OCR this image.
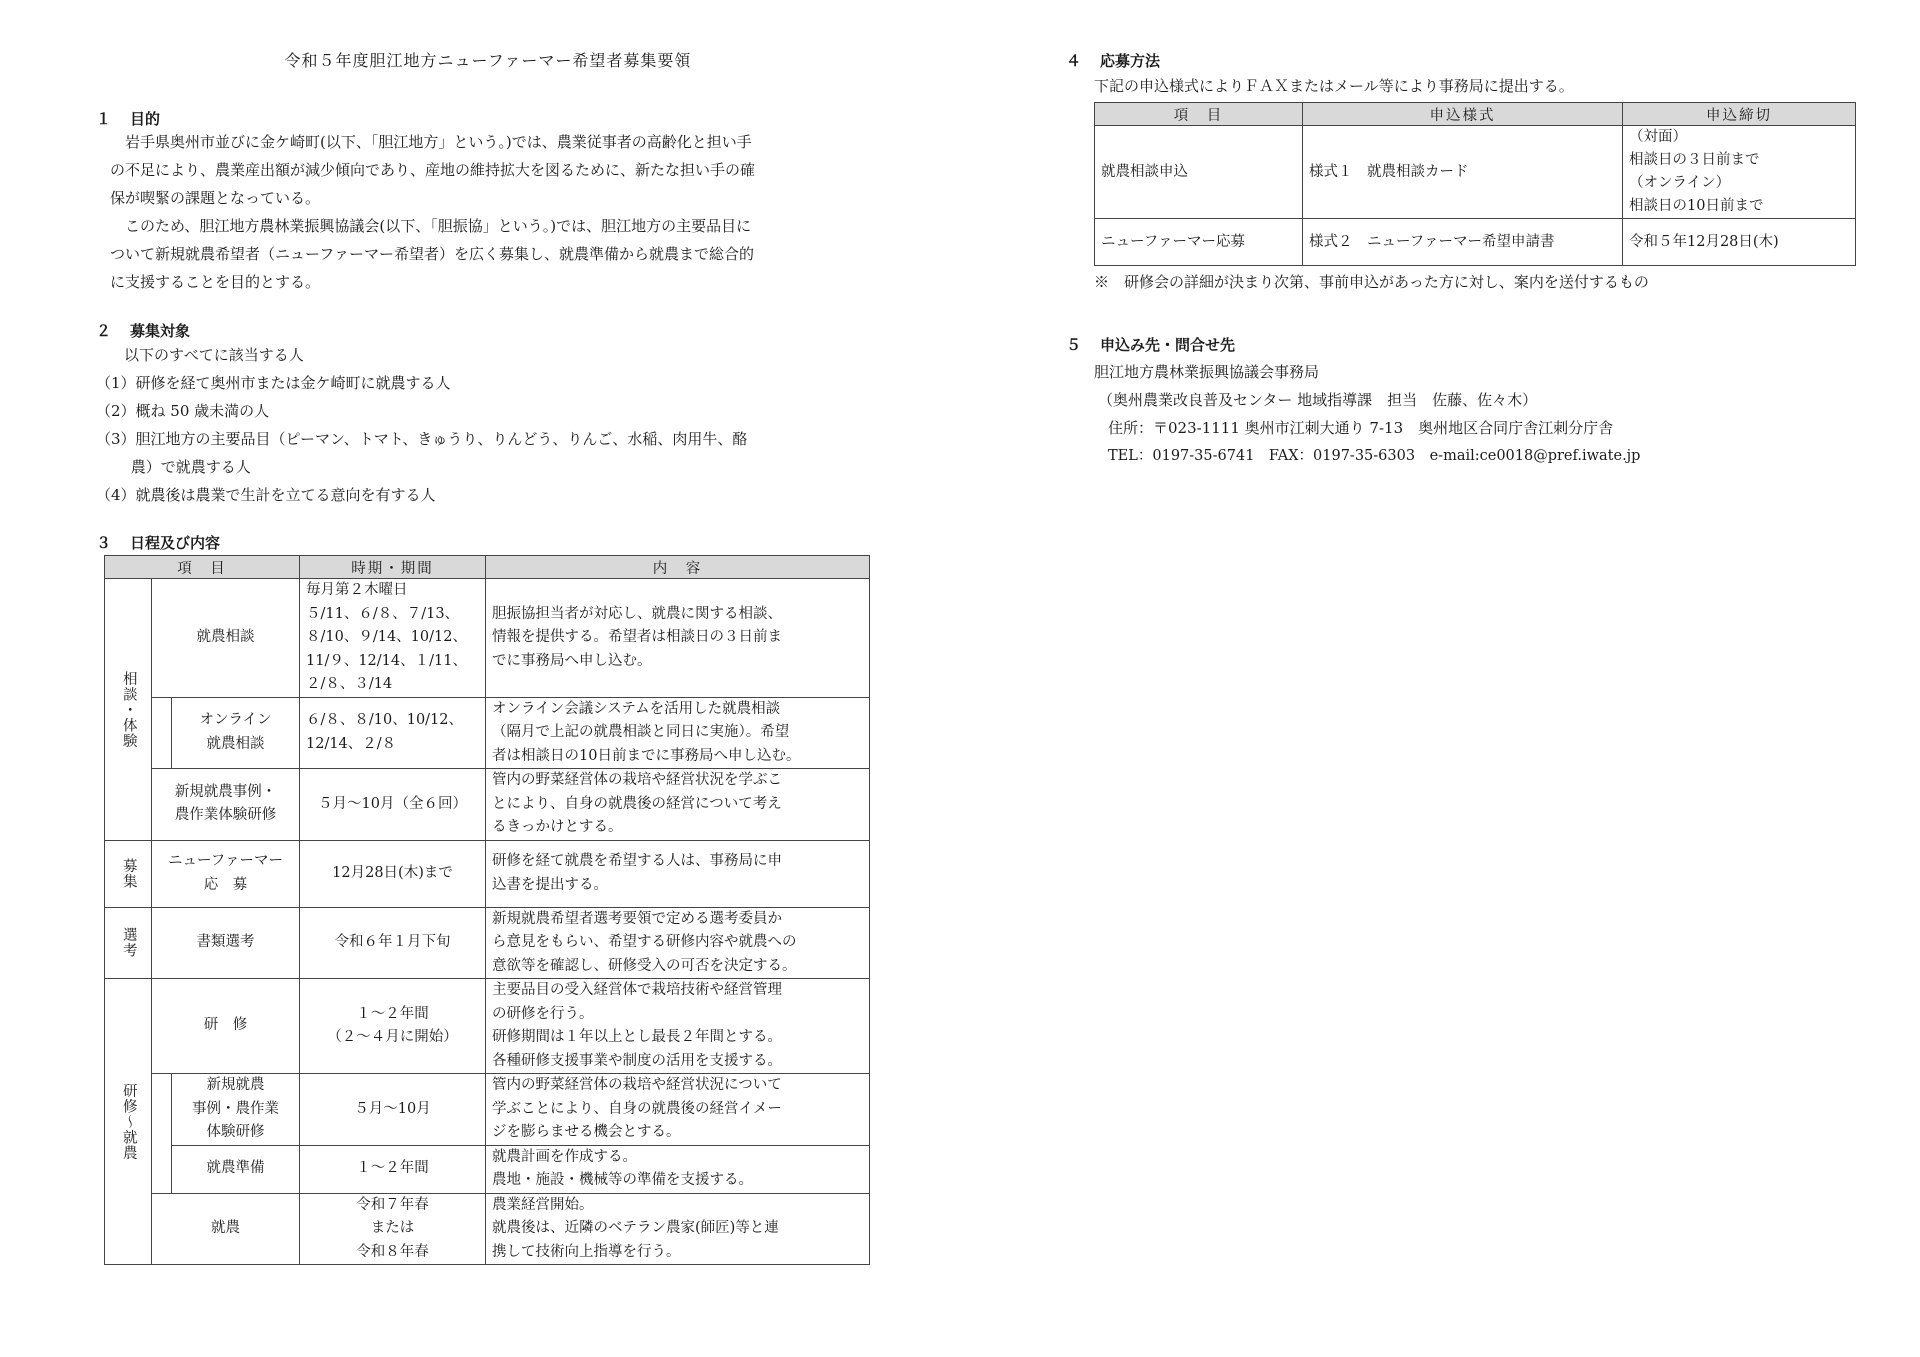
令和５年度胆江地方ニューファーマー希望者募集要領
１ 目的
　岩手県奥州市並びに金ケ崎町(以下、「胆江地方」という。)では、農業従事者の高齢化と担い手
の不足により、農業産出額が減少傾向であり、産地の維持拡大を図るために、新たな担い手の確
保が喫緊の課題となっている。
　このため、胆江地方農林業振興協議会(以下、「胆振協」という。)では、胆江地方の主要品目に
ついて新規就農希望者（ニューファーマー希望者）を広く募集し、就農準備から就農まで総合的
に支援することを目的とする。
２ 募集対象
以下のすべてに該当する人
（1）研修を経て奥州市または金ケ崎町に就農する人
（2）概ね 50 歳未満の人
（3）胆江地方の主要品目（ピーマン、トマト、きゅうり、りんどう、りんご、水稲、肉用牛、酪
　　 農）で就農する人
（4）就農後は農業で生計を立てる意向を有する人
３ 日程及び内容
項　目			時期・期間	内　容
相談・体験	就農相談		毎月第２木曜日
５/11、６/８、７/13、
８/10、９/14、10/12、
11/９、12/14、１/11、
２/８、３/14	胆振協担当者が対応し、就農に関する相談、
情報を提供する。希望者は相談日の３日前ま
でに事務局へ申し込む。
		オンライン
就農相談	６/８、８/10、10/12、
12/14、２/８	オンライン会議システムを活用した就農相談
（隔月で上記の就農相談と同日に実施）。希望
者は相談日の10日前までに事務局へ申し込む。
	新規就農事例・
農作業体験研修		５月〜10月（全６回）	管内の野菜経営体の栽培や経営状況を学ぶこ
とにより、自身の就農後の経営について考え
るきっかけとする。
募集	ニューファーマー
応　募		12月28日(木)まで	研修を経て就農を希望する人は、事務局に申
込書を提出する。
選考	書類選考		令和６年１月下旬	新規就農希望者選考要領で定める選考委員か
ら意見をもらい、希望する研修内容や就農への
意欲等を確認し、研修受入の可否を決定する。
研修〜就農	研　修		１〜２年間
（２〜４月に開始）	主要品目の受入経営体で栽培技術や経営管理
の研修を行う。
研修期間は１年以上とし最長２年間とする。
各種研修支援事業や制度の活用を支援する。
		新規就農
事例・農作業
体験研修	５月〜10月	管内の野菜経営体の栽培や経営状況について
学ぶことにより、自身の就農後の経営イメー
ジを膨らませる機会とする。
		就農準備	１〜２年間	就農計画を作成する。
農地・施設・機械等の準備を支援する。
	就農		令和７年春
または
令和８年春	農業経営開始。
就農後は、近隣のベテラン農家(師匠)等と連
携して技術向上指導を行う。
４ 応募方法
下記の申込様式によりＦＡＸまたはメール等により事務局に提出する。
項　目	申込様式	申込締切
就農相談申込	様式１　就農相談カード	（対面）
相談日の３日前まで
（オンライン）
相談日の10日前まで
ニューファーマー応募	様式２　ニューファーマー希望申請書	令和５年12月28日(木)
※　研修会の詳細が決まり次第、事前申込があった方に対し、案内を送付するもの
５ 申込み先・問合せ先
胆江地方農林業振興協議会事務局
（奥州農業改良普及センター 地域指導課　担当　佐藤、佐々木）
住所：〒023-1111 奥州市江刺大通り 7-13　奥州地区合同庁舎江刺分庁舎
TEL：0197-35-6741　FAX：0197-35-6303　e-mail:ce0018@pref.iwate.jp
